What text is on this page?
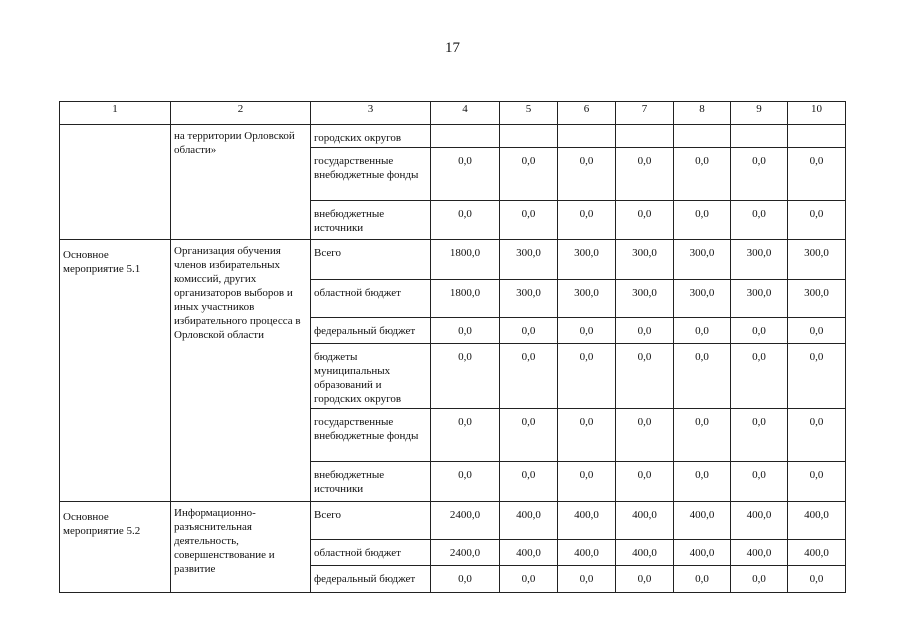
17
1	2	3	4	5	6	7	8	9	10

	на территории Орловской области»	городских округов							

		государственные внебюджетные фонды	0,0	0,0	0,0	0,0	0,0	0,0	0,0

		внебюджетные источники	0,0	0,0	0,0	0,0	0,0	0,0	0,0

Основное мероприятие 5.1	Организация обучения членов избирательных комиссий, других организаторов выборов и иных участников избирательного процесса в Орловской области	Всего	1800,0	300,0	300,0	300,0	300,0	300,0	300,0

		областной бюджет	1800,0	300,0	300,0	300,0	300,0	300,0	300,0

		федеральный бюджет	0,0	0,0	0,0	0,0	0,0	0,0	0,0

		бюджеты муниципальных образований и городских округов	0,0	0,0	0,0	0,0	0,0	0,0	0,0

		государственные внебюджетные фонды	0,0	0,0	0,0	0,0	0,0	0,0	0,0

		внебюджетные источники	0,0	0,0	0,0	0,0	0,0	0,0	0,0

Основное мероприятие 5.2	Информационно-разъяснительная деятельность, совершенствование и развитие	Всего	2400,0	400,0	400,0	400,0	400,0	400,0	400,0

		областной бюджет	2400,0	400,0	400,0	400,0	400,0	400,0	400,0

		федеральный бюджет	0,0	0,0	0,0	0,0	0,0	0,0	0,0
